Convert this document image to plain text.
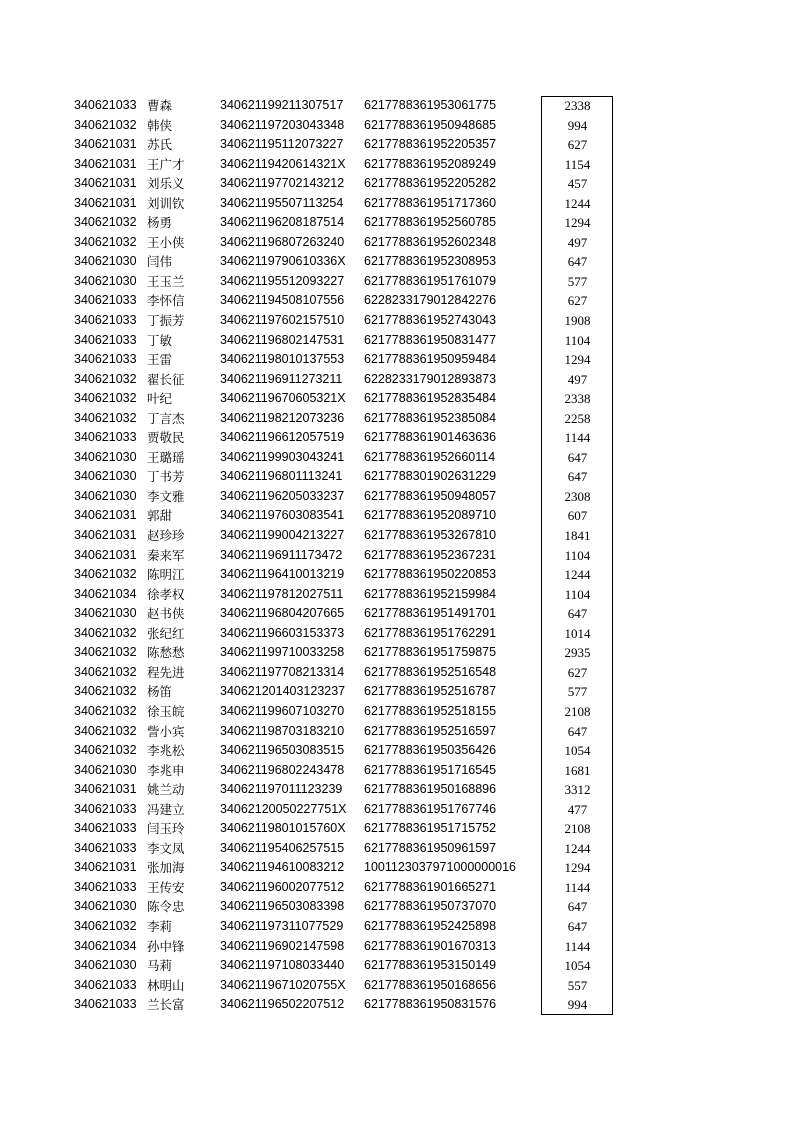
340621033 曹森	340621199211307517 6217788361953061775	2338
340621032 韩侠	340621197203043348 6217788361950948685	994
340621031 苏氏	340621195112073227 6217788361952205357	627
340621031 王广才	34062119420614321X 6217788361952089249	1154
340621031 刘乐义	340621197702143212 6217788361952205282	457
340621031 刘训钦	340621195507113254 6217788361951717360	1244
340621032 杨勇	340621196208187514 6217788361952560785	1294
340621032 王小侠	340621196807263240 6217788361952602348	497
340621030 闫伟	34062119790610336X 6217788361952308953	647
340621030 王玉兰	340621195512093227 6217788361951761079	577
340621033 李怀信	340621194508107556 6228233179012842276	627
340621033 丁振芳	340621197602157510 6217788361952743043	1908
340621033 丁敏	340621196802147531 6217788361950831477	1104
340621033 王雷	340621198010137553 6217788361950959484	1294
340621032 翟长征	340621196911273211 6228233179012893873	497
340621032 叶纪	34062119670605321X 6217788361952835484	2338
340621032 丁言杰	340621198212073236 6217788361952385084	2258
340621033 贾敬民	340621196612057519 6217788361901463636	1144
340621030 王璐瑶	340621199903043241 6217788361952660114	647
340621030 丁书芳	340621196801113241 6217788301902631229	647
340621030 李文雅	340621196205033237 6217788361950948057	2308
340621031 郭甜	340621197603083541 6217788361952089710	607
340621031 赵珍珍	340621199004213227 6217788361953267810	1841
340621031 秦来军	340621196911173472 6217788361952367231	1104
340621032 陈明江	340621196410013219 6217788361950220853	1244
340621034 徐孝权	340621197812027511 6217788361952159984	1104
340621030 赵书侠	340621196804207665 6217788361951491701	647
340621032 张纪红	340621196603153373 6217788361951762291	1014
340621032 陈愁愁	340621199710033258 6217788361951759875	2935
340621032 程先进	340621197708213314 6217788361952516548	627
340621032 杨笛	340621201403123237 6217788361952516787	577
340621032 徐玉皖	340621199607103270 6217788361952518155	2108
340621032 訾小宾	340621198703183210 6217788361952516597	647
340621032 李兆松	340621196503083515 6217788361950356426	1054
340621030 李兆申	340621196802243478 6217788361951716545	1681
340621031 姚兰动	340621197011123239 6217788361950168896	3312
340621033 冯建立	34062120050227751X 6217788361951767746	477
340621033 闫玉玲	34062119801015760X 6217788361951715752	2108
340621033 李文凤	340621195406257515 6217788361950961597	1244
340621031 张加海	340621194610083212 1001123037971000000016	1294
340621033 王传安	340621196002077512 6217788361901665271	1144
340621030 陈令忠	340621196503083398 6217788361950737070	647
340621032 李莉	340621197311077529 6217788361952425898	647
340621034 孙中锋	340621196902147598 6217788361901670313	1144
340621030 马莉	340621197108033440 6217788361953150149	1054
340621033 林明山	34062119671020755X 6217788361950168656	557
340621033 兰长富	340621196502207512 6217788361950831576	994
